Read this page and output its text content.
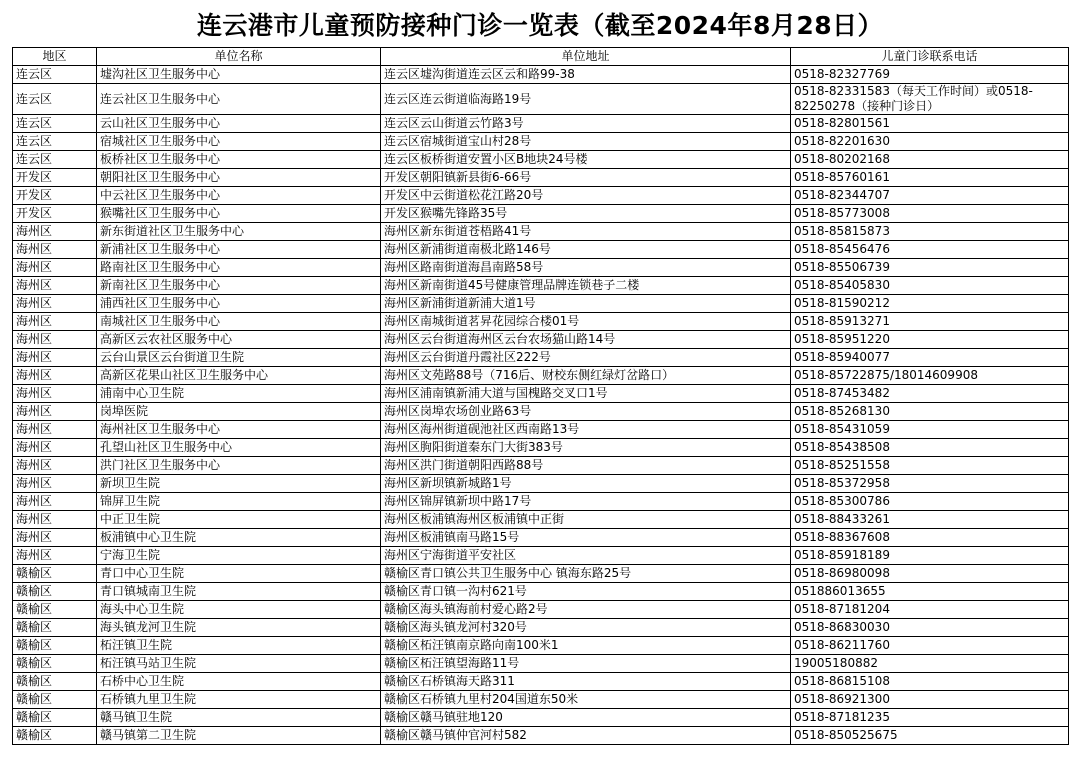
连云港市儿童预防接种门诊一览表（截至2024年8月28日）
地区	单位名称	单位地址	儿童门诊联系电话
连云区	墟沟社区卫生服务中心	连云区墟沟街道连云区云和路99-38	0518-82327769
连云区	连云社区卫生服务中心	连云区连云街道临海路19号	0518-82331583（每天工作时间）或0518-82250278（接种门诊日）
连云区	云山社区卫生服务中心	连云区云山街道云竹路3号	0518-82801561
连云区	宿城社区卫生服务中心	连云区宿城街道宝山村28号	0518-82201630
连云区	板桥社区卫生服务中心	连云区板桥街道安置小区B地块24号楼	0518-80202168
开发区	朝阳社区卫生服务中心	开发区朝阳镇新县街6-66号	0518-85760161
开发区	中云社区卫生服务中心	开发区中云街道松花江路20号	0518-82344707
开发区	猴嘴社区卫生服务中心	开发区猴嘴先锋路35号	0518-85773008
海州区	新东街道社区卫生服务中心	海州区新东街道苍梧路41号	0518-85815873
海州区	新浦社区卫生服务中心	海州区新浦街道南极北路146号	0518-85456476
海州区	路南社区卫生服务中心	海州区路南街道海昌南路58号	0518-85506739
海州区	新南社区卫生服务中心	海州区新南街道45号健康管理品牌连锁巷子二楼	0518-85405830
海州区	浦西社区卫生服务中心	海州区新浦街道新浦大道1号	0518-81590212
海州区	南城社区卫生服务中心	海州区南城街道茗昇花园综合楼01号	0518-85913271
海州区	高新区云农社区服务中心	海州区云台街道海州区云台农场猫山路14号	0518-85951220
海州区	云台山景区云台街道卫生院	海州区云台街道丹霞社区222号	0518-85940077
海州区	高新区花果山社区卫生服务中心	海州区文苑路88号（716后、财校东侧红绿灯岔路口）	0518-85722875/18014609908
海州区	浦南中心卫生院	海州区浦南镇新浦大道与国槐路交叉口1号	0518-87453482
海州区	岗埠医院	海州区岗埠农场创业路63号	0518-85268130
海州区	海州社区卫生服务中心	海州区海州街道砚池社区西南路13号	0518-85431059
海州区	孔望山社区卫生服务中心	海州区朐阳街道秦东门大街383号	0518-85438508
海州区	洪门社区卫生服务中心	海州区洪门街道朝阳西路88号	0518-85251558
海州区	新坝卫生院	海州区新坝镇新城路1号	0518-85372958
海州区	锦屏卫生院	海州区锦屏镇新坝中路17号	0518-85300786
海州区	中正卫生院	海州区板浦镇海州区板浦镇中正街	0518-88433261
海州区	板浦镇中心卫生院	海州区板浦镇南马路15号	0518-88367608
海州区	宁海卫生院	海州区宁海街道平安社区	0518-85918189
赣榆区	青口中心卫生院	赣榆区青口镇公共卫生服务中心 镇海东路25号	0518-86980098
赣榆区	青口镇城南卫生院	赣榆区青口镇一沟村621号	051886013655
赣榆区	海头中心卫生院	赣榆区海头镇海前村爱心路2号	0518-87181204
赣榆区	海头镇龙河卫生院	赣榆区海头镇龙河村320号	0518-86830030
赣榆区	柘汪镇卫生院	赣榆区柘汪镇南京路向南100米1	0518-86211760
赣榆区	柘汪镇马站卫生院	赣榆区柘汪镇望海路11号	19005180882
赣榆区	石桥中心卫生院	赣榆区石桥镇海天路311	0518-86815108
赣榆区	石桥镇九里卫生院	赣榆区石桥镇九里村204国道东50米	0518-86921300
赣榆区	赣马镇卫生院	赣榆区赣马镇驻地120	0518-87181235
赣榆区	赣马镇第二卫生院	赣榆区赣马镇仲官河村582	0518-850525675
